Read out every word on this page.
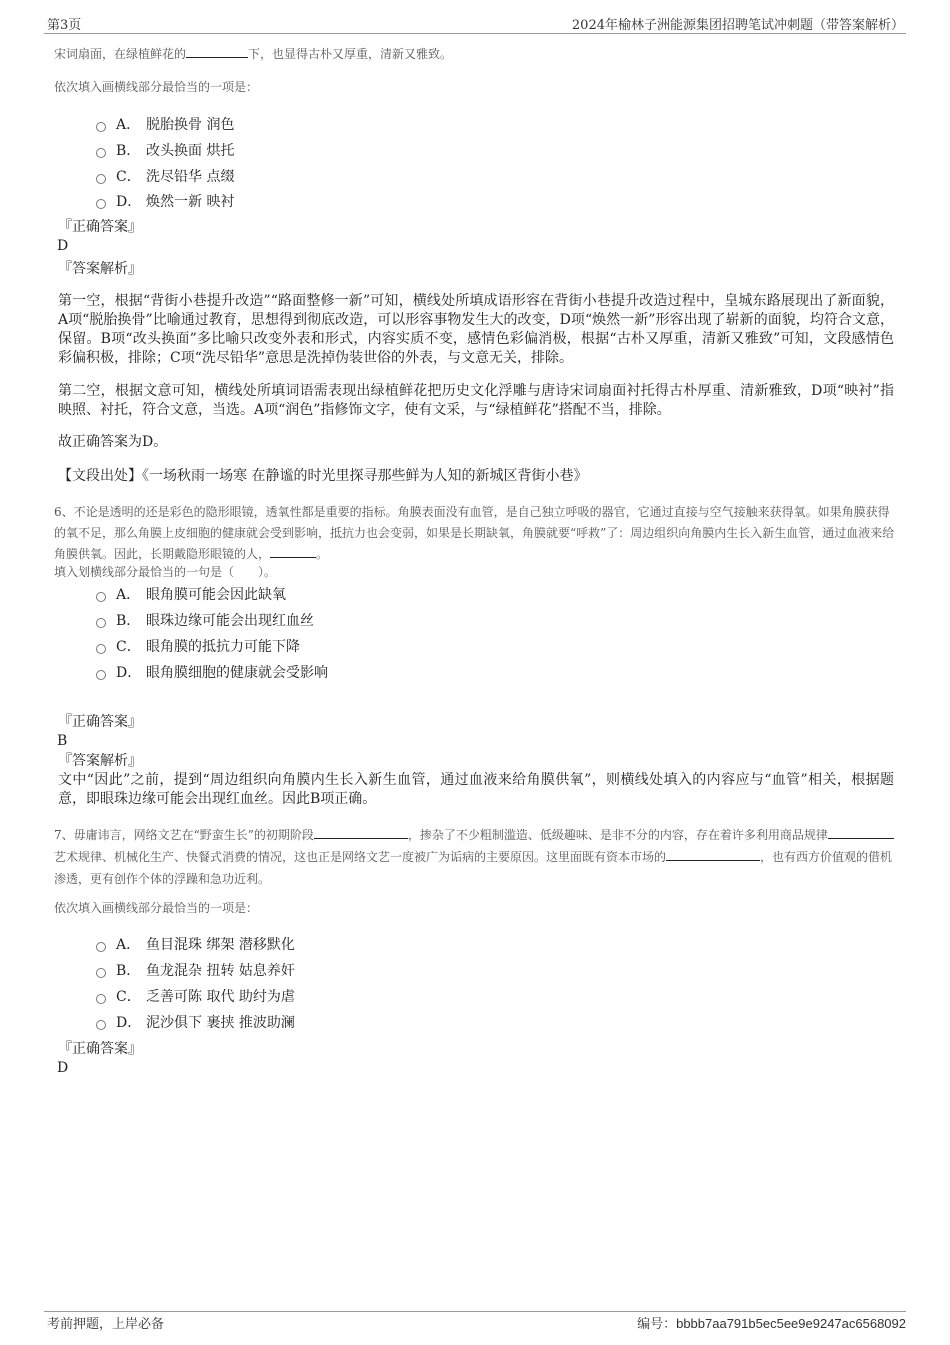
第3页	2024年榆林子洲能源集团招聘笔试冲刺题（带答案解析）
宋词扇面，在绿植鲜花的	下，也显得古朴又厚重，清新又雅致。
依次填入画横线部分最恰当的一项是：
A． 脱胎换骨 润色
B． 改头换面 烘托
C． 洗尽铅华 点缀
D． 焕然一新 映衬
『正确答案』
D
『答案解析』
第一空，根据“背街小巷提升改造”“路面整修一新”可知，横线处所填成语形容在背街小巷提升改造过程中，皇城东路展现出了新面貌，A项“脱胎换骨”比喻通过教育，思想得到彻底改造，可以形容事物发生大的改变，D项“焕然一新”形容出现了崭新的面貌，均符合文意，保留。B项“改头换面”多比喻只改变外表和形式，内容实质不变，感情色彩偏消极，根据“古朴又厚重，清新又雅致”可知，文段感情色彩偏积极，排除；C项“洗尽铅华”意思是洗掉伪装世俗的外表，与文意无关，排除。
第二空，根据文意可知，横线处所填词语需表现出绿植鲜花把历史文化浮雕与唐诗宋词扇面衬托得古朴厚重、清新雅致，D项“映衬”指映照、衬托，符合文意，当选。A项“润色”指修饰文字，使有文采，与“绿植鲜花”搭配不当，排除。
故正确答案为D。
【文段出处】《一场秋雨一场寒 在静谧的时光里探寻那些鲜为人知的新城区背街小巷》
6、不论是透明的还是彩色的隐形眼镜，透氧性都是重要的指标。角膜表面没有血管，是自己独立呼吸的器官，它通过直接与空气接触来获得氧。如果角膜获得的氧不足，那么角膜上皮细胞的健康就会受到影响，抵抗力也会变弱，如果是长期缺氧，角膜就要“呼救”了：周边组织向角膜内生长入新生血管，通过血液来给角膜供氧。因此，长期戴隐形眼镜的人，	。
填入划横线部分最恰当的一句是（　　）。
A． 眼角膜可能会因此缺氧
B． 眼珠边缘可能会出现红血丝
C． 眼角膜的抵抗力可能下降
D． 眼角膜细胞的健康就会受影响
『正确答案』
B
『答案解析』
文中“因此”之前，提到“周边组织向角膜内生长入新生血管，通过血液来给角膜供氧”，则横线处填入的内容应与“血管”相关，根据题意，即眼珠边缘可能会出现红血丝。因此B项正确。
7、毋庸讳言，网络文艺在“野蛮生长”的初期阶段	，掺杂了不少粗制滥造、低级趣味、是非不分的内容，存在着许多利用商品规律艺术规律、机械化生产、快餐式消费的情况，这也正是网络文艺一度被广为诟病的主要原因。这里面既有资本市场的	，也有西方价值观的借机渗透，更有创作个体的浮躁和急功近利。
依次填入画横线部分最恰当的一项是：
A． 鱼目混珠 绑架 潜移默化
B． 鱼龙混杂 扭转 姑息养奸
C． 乏善可陈 取代 助纣为虐
D． 泥沙俱下 裹挟 推波助澜
『正确答案』
D
考前押题，上岸必备	编号：bbbb7aa791b5ec5ee9e9247ac6568092
